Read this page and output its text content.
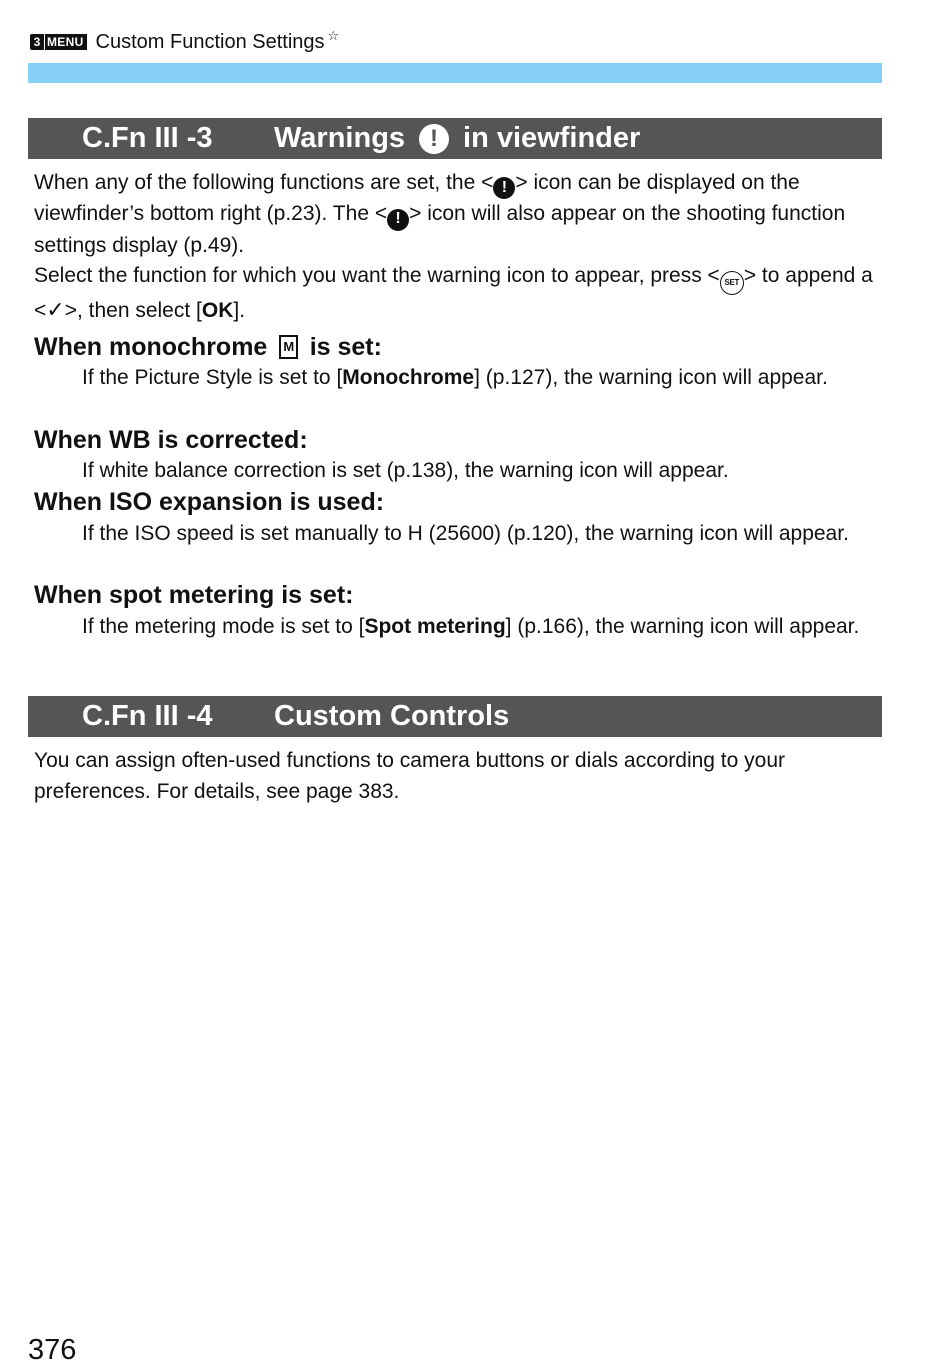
3 MENU Custom Function Settings ☆
C.Fn III -3 Warnings	! in viewfinder
When any of the following functions are set, the < ! > icon can be displayed on the viewfinder’s bottom right (p.23). The < ! > icon will also appear on the shooting function settings display (p.49).
Select the function for which you want the warning icon to appear, press < SET > to append a <✓>, then select [OK].
When monochrome	M is set:
If the Picture Style is set to [Monochrome] (p.127), the warning icon will appear.
When WB is corrected:
If white balance correction is set (p.138), the warning icon will appear.
When ISO expansion is used:
If the ISO speed is set manually to H (25600) (p.120), the warning icon will appear.
When spot metering is set:
If the metering mode is set to [Spot metering] (p.166), the warning icon will appear.
C.Fn III -4 Custom Controls
You can assign often-used functions to camera buttons or dials according to your preferences. For details, see page 383.
376
